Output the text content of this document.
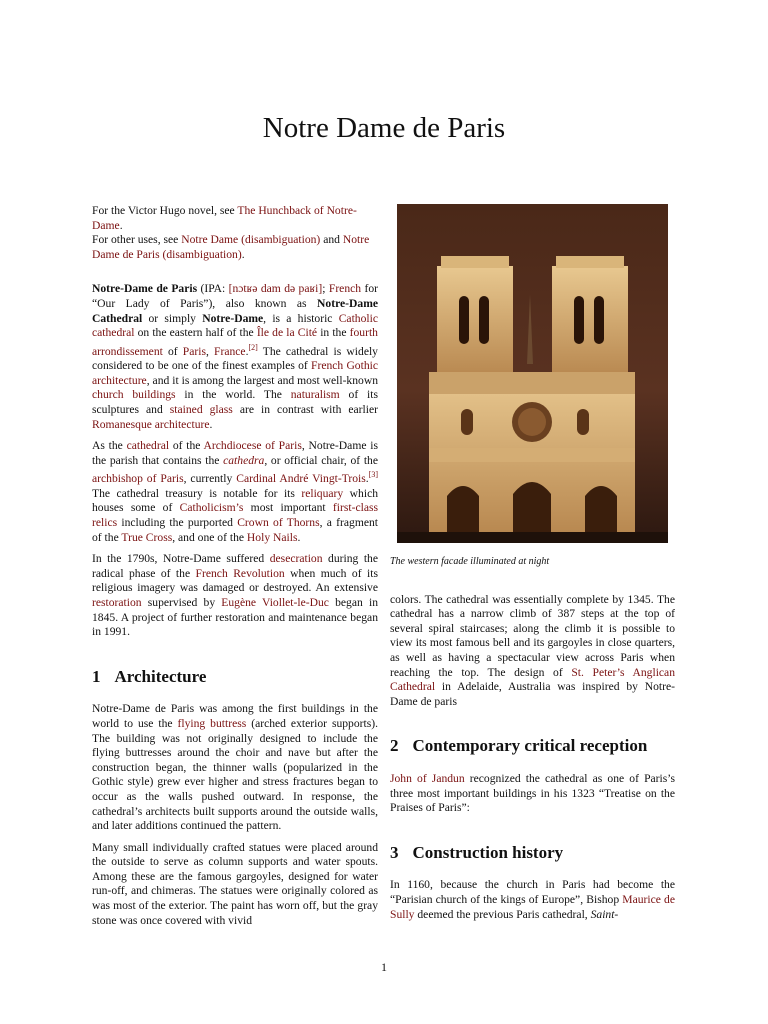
Notre Dame de Paris

For the Victor Hugo novel, see The Hunchback of Notre-Dame.

For other uses, see Notre Dame (disambiguation) and Notre Dame de Paris (disambiguation).

Notre-Dame de Paris (IPA: [nɔtʁə dam də paʁi]; French for “Our Lady of Paris”), also known as Notre-Dame Cathedral or simply Notre-Dame, is a historic Catholic cathedral on the eastern half of the Île de la Cité in the fourth arrondissement of Paris, France.[2] The cathedral is widely considered to be one of the finest examples of French Gothic architecture, and it is among the largest and most well-known church buildings in the world. The naturalism of its sculptures and stained glass are in contrast with earlier Romanesque architecture.

As the cathedral of the Archdiocese of Paris, Notre-Dame is the parish that contains the cathedra, or official chair, of the archbishop of Paris, currently Cardinal André Vingt-Trois.[3] The cathedral treasury is notable for its reliquary which houses some of Catholicism’s most important first-class relics including the purported Crown of Thorns, a fragment of the True Cross, and one of the Holy Nails.

In the 1790s, Notre-Dame suffered desecration during the radical phase of the French Revolution when much of its religious imagery was damaged or destroyed. An extensive restoration supervised by Eugène Viollet-le-Duc began in 1845. A project of further restoration and maintenance began in 1991.

1 Architecture

Notre-Dame de Paris was among the first buildings in the world to use the flying buttress (arched exterior supports). The building was not originally designed to include the flying buttresses around the choir and nave but after the construction began, the thinner walls (popularized in the Gothic style) grew ever higher and stress fractures began to occur as the walls pushed outward. In response, the cathedral’s architects built supports around the outside walls, and later additions continued the pattern.

Many small individually crafted statues were placed around the outside to serve as column supports and water spouts. Among these are the famous gargoyles, designed for water run-off, and chimeras. The statues were originally colored as was most of the exterior. The paint has worn off, but the gray stone was once covered with vivid

The western facade illuminated at night

colors. The cathedral was essentially complete by 1345. The cathedral has a narrow climb of 387 steps at the top of several spiral staircases; along the climb it is possible to view its most famous bell and its gargoyles in close quarters, as well as having a spectacular view across Paris when reaching the top. The design of St. Peter’s Anglican Cathedral in Adelaide, Australia was inspired by Notre-Dame de paris

2 Contemporary critical reception

John of Jandun recognized the cathedral as one of Paris’s three most important buildings in his 1323 “Treatise on the Praises of Paris”:

3 Construction history

In 1160, because the church in Paris had become the “Parisian church of the kings of Europe”, Bishop Maurice de Sully deemed the previous Paris cathedral, Saint-

1
